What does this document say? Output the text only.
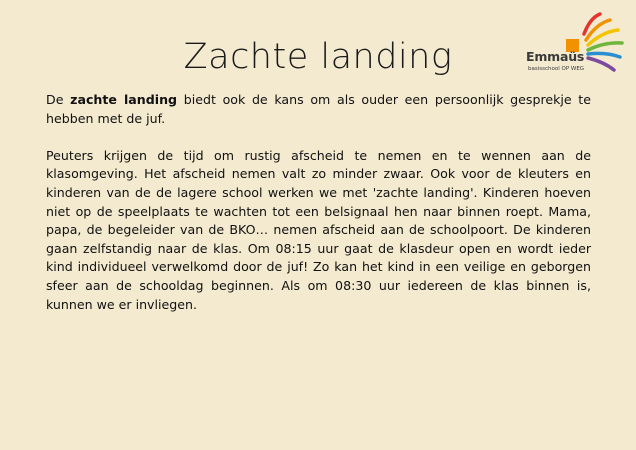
Zachte landing	Emmaüs
basisschool OP WEG

De zachte landing biedt ook de kans om als ouder een persoonlijk gesprekje te hebben met de juf.

Peuters krijgen de tijd om rustig afscheid te nemen en te wennen aan de klasomgeving. Het afscheid nemen valt zo minder zwaar. Ook voor de kleuters en kinderen van de de lagere school werken we met 'zachte landing'. Kinderen hoeven niet op de speelplaats te wachten tot een belsignaal hen naar binnen roept. Mama, papa, de begeleider van de BKO… nemen afscheid aan de schoolpoort. De kinderen gaan zelfstandig naar de klas. Om 08:15 uur gaat de klasdeur open en wordt ieder kind individueel verwelkomd door de juf! Zo kan het kind in een veilige en geborgen sfeer aan de schooldag beginnen. Als om 08:30 uur iedereen de klas binnen is, kunnen we er invliegen.
